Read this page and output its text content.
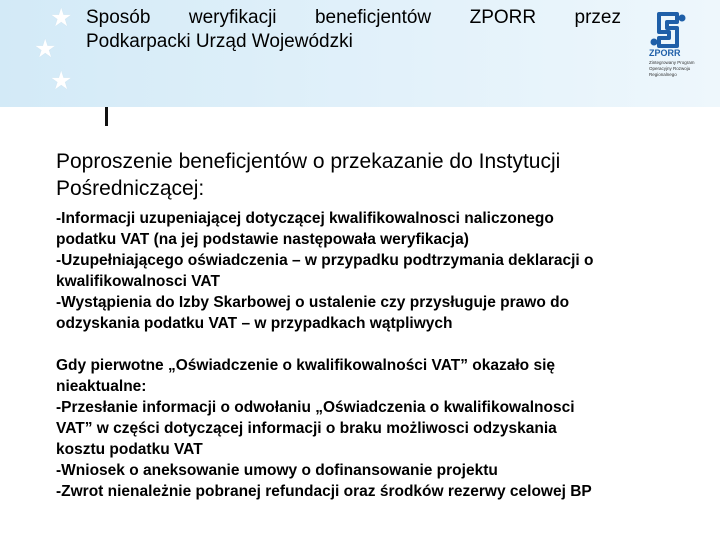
★
★
★
Sposób weryfikacji beneficjentów ZPORR przez
Podkarpacki Urząd Wojewódzki
ZPORR
Zintegrowany Program Operacyjny Rozwoju Regionalnego
Poproszenie beneficjentów o przekazanie do Instytucji
Pośredniczącej:
-Informacji uzupeniającej dotyczącej kwalifikowalnosci naliczonego
podatku VAT (na jej podstawie następowała weryfikacja)
-Uzupełniającego oświadczenia – w przypadku podtrzymania deklaracji o
kwalifikowalnosci VAT
-Wystąpienia do Izby Skarbowej o ustalenie czy przysługuje prawo do
odzyskania podatku VAT – w przypadkach wątpliwych
Gdy pierwotne „Oświadczenie o kwalifikowalności VAT” okazało się
nieaktualne:
-Przesłanie informacji o odwołaniu „Oświadczenia o kwalifikowalnosci
VAT” w części dotyczącej informacji o braku możliwosci odzyskania
kosztu podatku VAT
-Wniosek o aneksowanie umowy o dofinansowanie projektu
-Zwrot nienależnie pobranej refundacji oraz środków rezerwy celowej BP
